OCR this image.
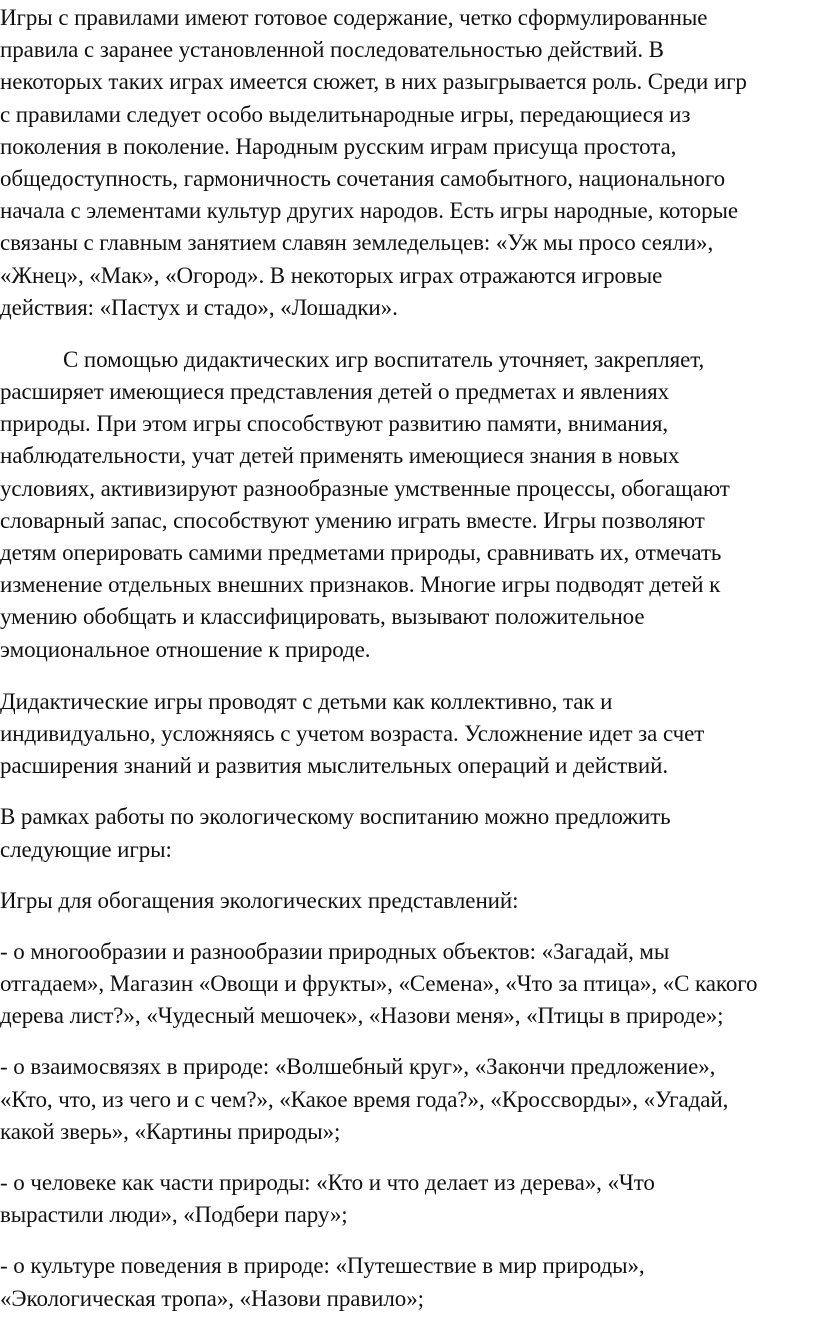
Игры с правилами имеют готовое содержание, четко сформулированные
правила с заранее установленной последовательностью действий. В
некоторых таких играх имеется сюжет, в них разыгрывается роль. Среди игр
с правилами следует особо выделитьнародные игры, передающиеся из
поколения в поколение. Народным русским играм присуща простота,
общедоступность, гармоничность сочетания самобытного, национального
начала с элементами культур других народов. Есть игры народные, которые
связаны с главным занятием славян земледельцев: «Уж мы просо сеяли»,
«Жнец», «Мак», «Огород». В некоторых играх отражаются игровые
действия: «Пастух и стадо», «Лошадки».
С помощью дидактических игр воспитатель уточняет, закрепляет,
расширяет имеющиеся представления детей о предметах и явлениях
природы. При этом игры способствуют развитию памяти, внимания,
наблюдательности, учат детей применять имеющиеся знания в новых
условиях, активизируют разнообразные умственные процессы, обогащают
словарный запас, способствуют умению играть вместе. Игры позволяют
детям оперировать самими предметами природы, сравнивать их, отмечать
изменение отдельных внешних признаков. Многие игры подводят детей к
умению обобщать и классифицировать, вызывают положительное
эмоциональное отношение к природе.
Дидактические игры проводят с детьми как коллективно, так и
индивидуально, усложняясь с учетом возраста. Усложнение идет за счет
расширения знаний и развития мыслительных операций и действий.
В рамках работы по экологическому воспитанию можно предложить
следующие игры:
Игры для обогащения экологических представлений:
- о многообразии и разнообразии природных объектов: «Загадай, мы
отгадаем», Магазин «Овощи и фрукты», «Семена», «Что за птица», «С какого
дерева лист?», «Чудесный мешочек», «Назови меня», «Птицы в природе»;
- о взаимосвязях в природе: «Волшебный круг», «Закончи предложение»,
«Кто, что, из чего и с чем?», «Какое время года?», «Кроссворды», «Угадай,
какой зверь», «Картины природы»;
- о человеке как части природы: «Кто и что делает из дерева», «Что
вырастили люди», «Подбери пару»;
- о культуре поведения в природе: «Путешествие в мир природы»,
«Экологическая тропа», «Назови правило»;
